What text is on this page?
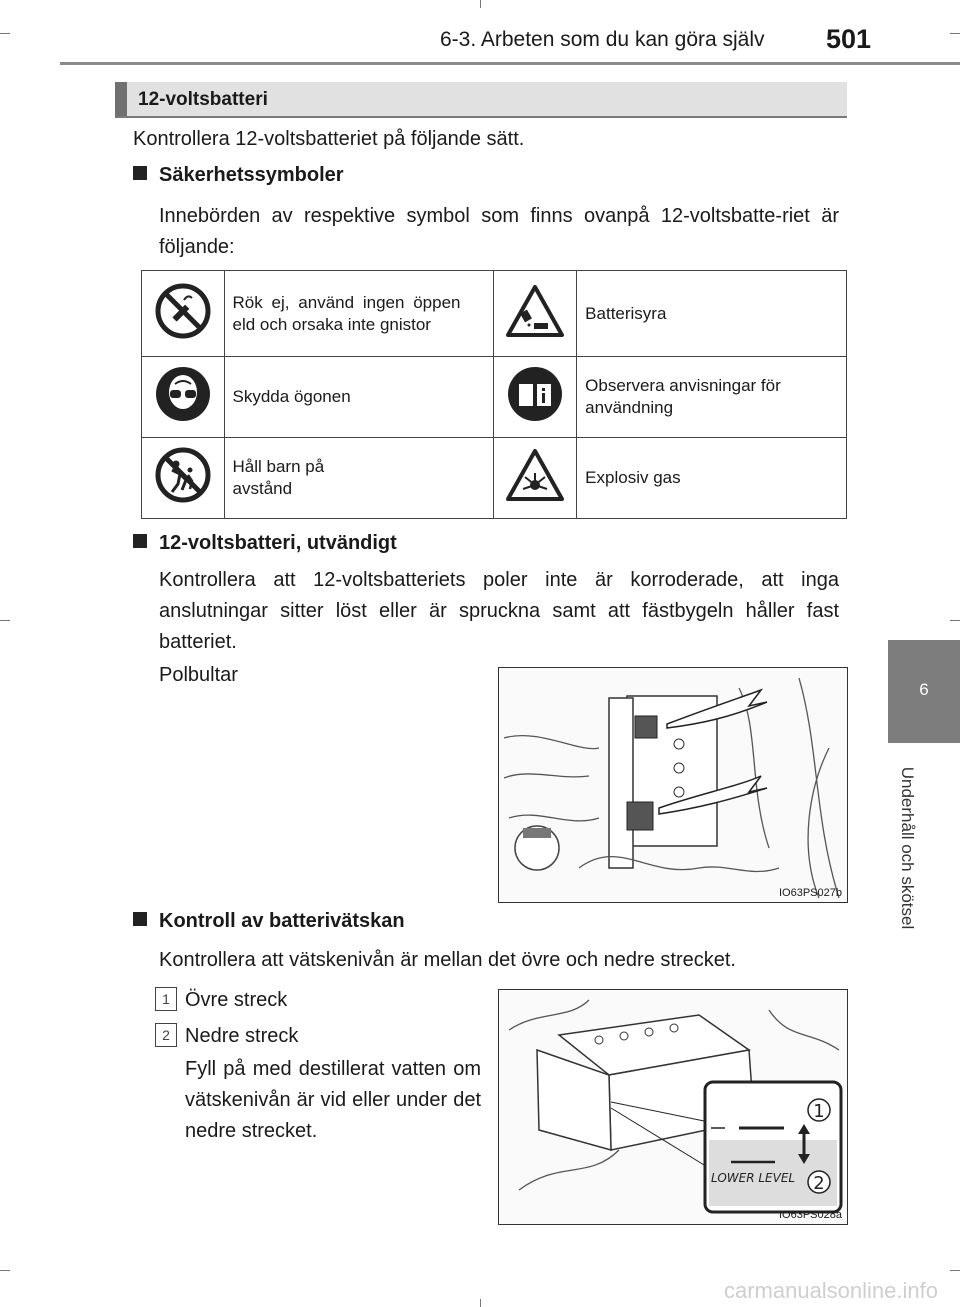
6-3. Arbeten som du kan göra själv 501
6
Underhåll och skötsel
12-voltsbatteri
Kontrollera 12-voltsbatteriet på följande sätt.
Säkerhetssymboler
Innebörden av respektive symbol som finns ovanpå 12-voltsbatte-riet är följande:

Rök ej, använd ingen öppen eld och orsaka inte gnistor		Batterisyra
	Skydda ögonen		Observera anvisningar för användning

Håll barn på avstånd		Explosiv gas
12-voltsbatteri, utvändigt
Kontrollera att 12-voltsbatteriets poler inte är korroderade, att inga anslutningar sitter löst eller är spruckna samt att fästbygeln håller fast batteriet.
Polbultar
IO63PS027b
Kontroll av batterivätskan
Kontrollera att vätskenivån är mellan det övre och nedre strecket.
1 Övre streck
2 Nedre streck
Fyll på med destillerat vatten om vätskenivån är vid eller under det nedre strecket.
1
2
LOWER LEVEL
IO63PS028a
carmanualsonline.info
